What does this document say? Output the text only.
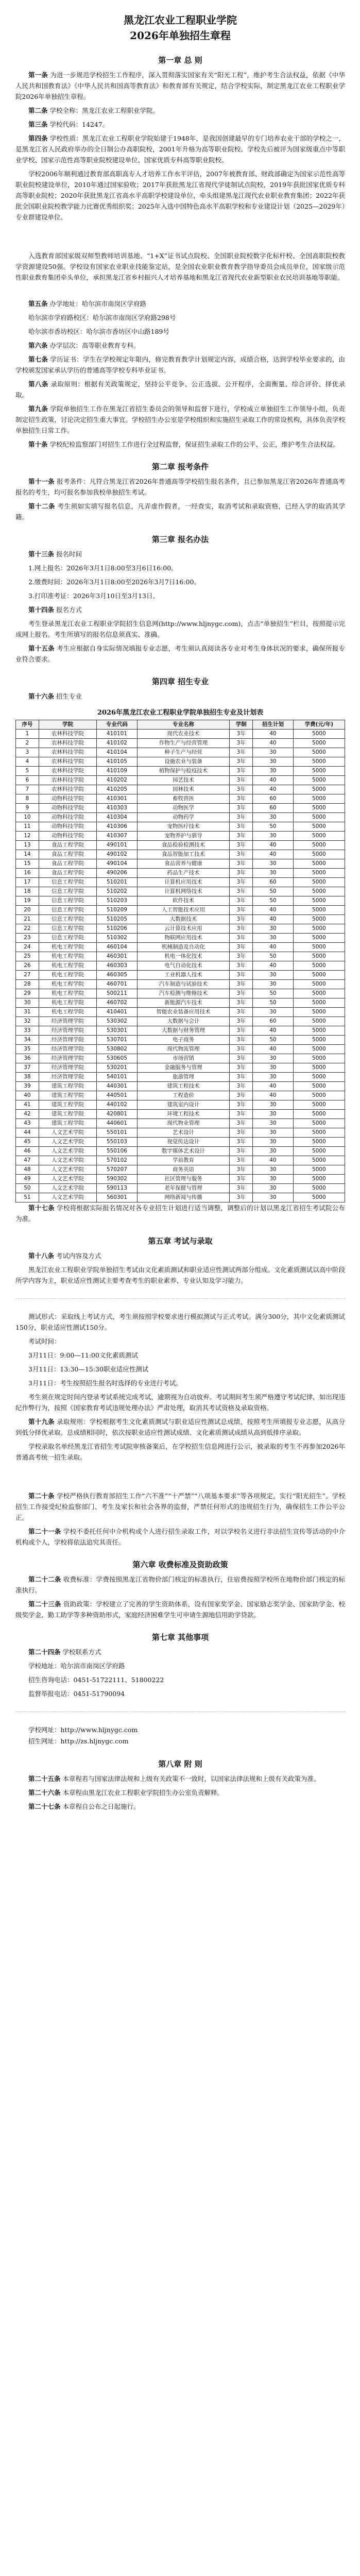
黑龙江农业工程职业学院
2026年单独招生章程
第一章 总 则

第一条 为进一步规范学校招生工作程序，深入贯彻落实国家有关“阳光工程”，维护考生合法权益，依据《中华人民共和国教育法》《中华人民共和国高等教育法》和教育部有关规定，结合学校实际，制定黑龙江农业工程职业学院2026年单独招生章程。

第二条 学校全称：黑龙江农业工程职业学院。

第三条 学校代码：14247。

第四条 学校性质：黑龙江农业工程职业学院始建于1948年，是我国创建最早的专门培养农业干部的学校之一，是黑龙江省人民政府举办的全日制公办高职院校，2001年升格为高等职业院校。学校先后被评为国家级重点中等职业学校、国家示范性高等职业院校建设单位、国家优质专科高等职业院校。

学校2006年顺利通过教育部高职高专人才培养工作水平评估，2007年被教育部、财政部确定为国家示范性高等职业院校建设单位，2010年通过国家验收；2017年获批黑龙江省现代学徒制试点院校，2019年获批国家优质专科高等职业院校；2020年获批黑龙江省高水平高职学校建设单位，牵头组建黑龙江现代农业职业教育集团；2022年获批全国职业院校教学能力比赛优秀组织奖；2025年入选中国特色高水平高职学校和专业建设计划（2025—2029年）专业群建设单位。

入选教育部国家级双师型教师培训基地、“1+X”证书试点院校、全国职业院校数字化标杆校、全国高职院校教学资源建设50强。学校设有国家农业职业技能鉴定站，是全国农业职业教育教学指导委员会成员单位，国家级示范性职业教育集团牵头单位，承担黑龙江省乡村振兴人才培养基地和黑龙江省现代农业新型职业农民培训基地等职能。

第五条 办学地址：哈尔滨市南岗区学府路

哈尔滨市学府路校区：哈尔滨市南岗区学府路298号

哈尔滨市香坊校区：哈尔滨市香坊区中山路189号

第六条 办学层次：高等职业教育专科。

第七条 学历证书：学生在学校规定年限内，修完教育教学计划规定内容，成绩合格，达到学校毕业要求的，由学校颁发国家承认学历的普通高等学校专科毕业证书。

第八条 录取原则：根据有关政策规定，坚持公平竞争、公正选拔、公开程序，全面衡量、综合评价、择优录取。

第九条 学院单独招生工作在黑龙江省招生委员会的领导和监督下进行，学校成立单独招生工作领导小组，负责制定招生政策，讨论决定招生重大事宜。学校招生办公室是学校组织和实施招生录取工作的常设机构，具体负责学校单独招生日常工作。

第十条 学校纪检监察部门对招生工作进行全过程监督，保证招生录取工作的公平、公正，维护考生合法权益。

第二章 报考条件

第十一条 报考条件：凡符合黑龙江省2026年普通高等学校招生报名条件，且已参加黑龙江省2026年普通高考报名的考生，均可报名参加我校单独招生考试。

第十二条 考生须如实填写报名信息，凡弄虚作假者，一经查实，取消考试和录取资格，已经入学的取消其学籍。

第三章 报名办法

第十三条 报名时间

1.网上报名：2026年3月1日8:00至3月6日16:00。

2.缴费时间：2026年3月1日8:00至2026年3月7日16:00。

3.打印准考证：2026年3月10日至3月13日。

第十四条 报名方式

考生登录黑龙江农业工程职业学院招生信息网(http://www.hljnygc.com)，点击“单独招生”栏目，按照提示完成网上报名。考生所填写的报名信息须真实、准确。

第十五条 考生应根据自身实际情况填报专业志愿，考生须认真阅读各专业对考生身体状况的要求，确保所报专业符合要求。

第四章 招生专业

第十六条 招生专业

2026年黑龙江农业工程职业学院单独招生专业及计划表
序号	学院	专业代码	专业名称	学制	招生计划	学费(元/年)
1	农林科技学院	410101	现代农业技术	3年	40	5000
2	农林科技学院	410102	作物生产与经营管理	3年	40	5000
3	农林科技学院	410104	种子生产与经营	3年	30	5000
4	农林科技学院	410105	设施农业与装备	3年	30	5000
5	农林科技学院	410109	植物保护与检疫技术	3年	30	5000
6	农林科技学院	410202	园艺技术	3年	40	5000
7	农林科技学院	410205	园林技术	3年	40	5000
8	动物科技学院	410301	畜牧兽医	3年	60	5000
9	动物科技学院	410303	动物医学	3年	60	5000
10	动物科技学院	410304	动物药学	3年	30	5000
11	动物科技学院	410306	宠物医疗技术	3年	50	5000
12	动物科技学院	410307	宠物养护与驯导	3年	30	5000
13	食品工程学院	490101	食品检验检测技术	3年	40	5000
14	食品工程学院	490102	食品智能加工技术	3年	40	5000
15	食品工程学院	490104	食品营养与健康	3年	30	5000
16	食品工程学院	490206	药品生产技术	3年	30	5000
17	信息工程学院	510201	计算机应用技术	3年	60	5000
18	信息工程学院	510202	计算机网络技术	3年	50	5000
19	信息工程学院	510203	软件技术	3年	50	5000
20	信息工程学院	510209	人工智能技术应用	3年	40	5000
21	信息工程学院	510205	大数据技术	3年	40	5000
22	信息工程学院	510206	云计算技术应用	3年	30	5000
23	信息工程学院	510302	物联网应用技术	3年	30	5000
24	机电工程学院	460104	机械制造及自动化	3年	40	5000
25	机电工程学院	460301	机电一体化技术	3年	50	5000
26	机电工程学院	460303	电气自动化技术	3年	40	5000
27	机电工程学院	460305	工业机器人技术	3年	30	5000
28	机电工程学院	460701	汽车制造与试验技术	3年	30	5000
29	机电工程学院	500211	汽车检测与维修技术	3年	50	5000
30	机电工程学院	460702	新能源汽车技术	3年	50	5000
31	机电工程学院	410401	智能农业装备应用技术	3年	30	5000
32	经济管理学院	530302	大数据与会计	3年	60	5000
33	经济管理学院	530301	大数据与财务管理	3年	40	5000
34	经济管理学院	530701	电子商务	3年	50	5000
35	经济管理学院	530802	现代物流管理	3年	40	5000
36	经济管理学院	530605	市场营销	3年	30	5000
37	经济管理学院	530201	金融服务与管理	3年	30	5000
38	经济管理学院	540101	旅游管理	3年	30	5000
39	建筑工程学院	440301	建筑工程技术	3年	40	5000
40	建筑工程学院	440501	工程造价	3年	40	5000
41	建筑工程学院	440102	建筑室内设计	3年	30	5000
42	建筑工程学院	420801	环境工程技术	3年	30	5000
43	建筑工程学院	440601	现代物业管理	3年	30	5000
44	人文艺术学院	550101	艺术设计	3年	30	5000
45	人文艺术学院	550103	视觉传达设计	3年	30	5000
46	人文艺术学院	550106	数字媒体艺术设计	3年	30	5000
47	人文艺术学院	570102	学前教育	3年	40	5000
48	人文艺术学院	570207	商务英语	3年	30	5000
49	人文艺术学院	590302	社区管理与服务	3年	30	5000
50	人文艺术学院	590113	老年保健与管理	3年	30	5000
51	人文艺术学院	560301	网络新闻与传播	3年	30	5000

第十七条 学校将根据实际报名情况对各专业招生计划进行适当调整，调整后的计划以黑龙江省招生考试院公布为准。

第五章 考试与录取

第十八条 考试内容及方式

黑龙江农业工程职业学院单独招生考试由文化素质测试和职业适应性测试两部分组成。文化素质测试以高中阶段所学内容为主，职业适应性测试主要考查考生的职业素养、专业认知及学习能力。

测试形式：采取线上考试方式，考生须按照学校要求进行模拟测试与正式考试。满分300分，其中文化素质测试150分，职业适应性测试150分。

考试时间：

3月11日：9:00—11:00文化素质测试

3月11日：13:30—15:30职业适应性测试

3月11日：考生按照招生报名时选择的专业进行考试。

考生须在规定时间内登录考试系统完成考试，逾期视为自动放弃。考试期间考生须严格遵守考试纪律，如出现违纪作弊行为，按照《国家教育考试违规处理办法》严肃处理，取消其考试资格及录取资格。

第十九条 录取规则：学校根据考生文化素质测试与职业适应性测试总成绩，按照考生所填报专业志愿，从高分到低分择优录取。总成绩相同时，依次按职业适应性测试成绩、文化素质测试成绩从高到低排序录取。

学校录取名单经黑龙江省招生考试院审核备案后，在学校招生信息网进行公示，被录取的考生不再参加2026年普通高考统一招生录取。

第二十条 学校严格执行教育部招生工作“六不准”“十严禁”“八项基本要求”等各项规定，实行“阳光招生”。学校招生工作接受纪检监察部门、考生及家长和社会各界的监督，严禁任何形式的违规招生行为，确保招生工作公平公正。

第二十一条 学校不委托任何中介机构或个人进行招生录取工作，对以学校名义进行非法招生宣传等活动的中介机构或个人，学校将依法追究其责任。

第六章 收费标准及资助政策

第二十二条 收费标准：学费按照黑龙江省物价部门核定的标准执行，住宿费按照学校所在地物价部门核定的标准执行。

第二十三条 资助政策：学校建立了完善的学生资助体系，设有国家奖学金、国家励志奖学金、国家助学金、校级奖学金、勤工助学等多种资助形式，家庭经济困难学生可申请生源地信用助学贷款。

第七章 其他事项

第二十四条 学校联系方式

学校地址：哈尔滨市南岗区学府路

招生咨询电话：0451-51722111、51800222

监督举报电话：0451-51790094

学校网址：http://www.hljnygc.com

招生网址：http://zs.hljnygc.com

第八章 附 则

第二十五条 本章程若与国家法律法规和上级有关政策不一致时，以国家法律法规和上级有关政策为准。

第二十六条 本章程由黑龙江农业工程职业学院招生办公室负责解释。

第二十七条 本章程自公布之日起施行。
